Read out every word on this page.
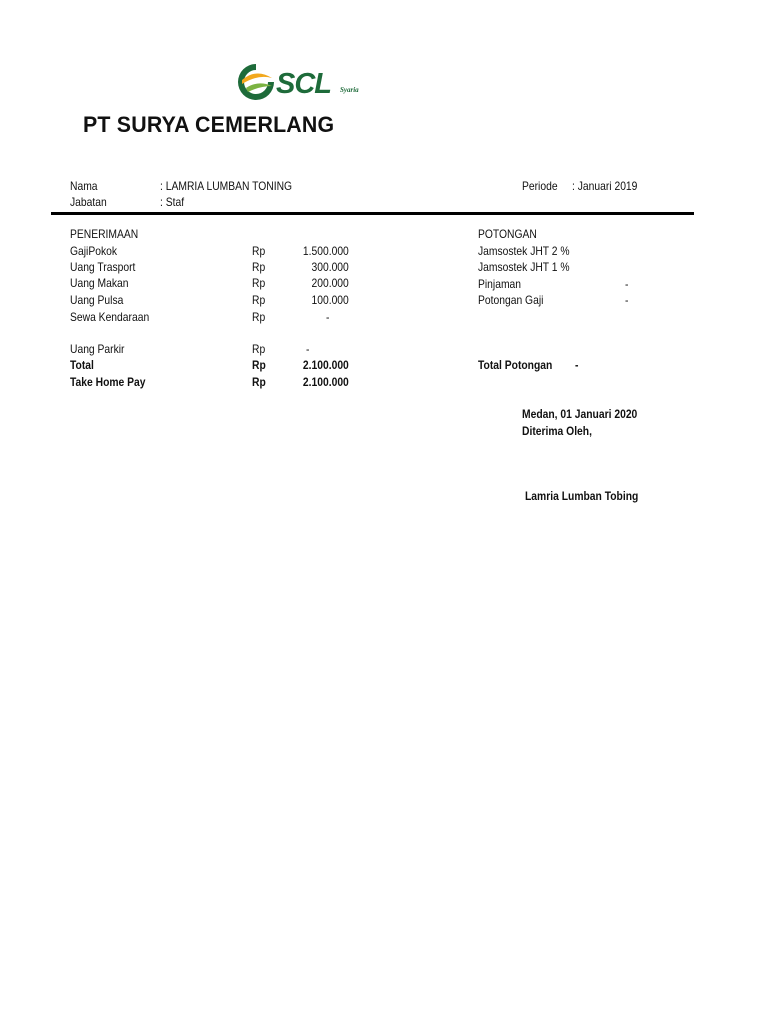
SCL Syaria
PT SURYA CEMERLANG
Nama	: LAMRIA LUMBAN TONING
Jabatan	: Staf
Periode : Januari 2019
PENERIMAAN
GajiPokok	Rp	1.500.000
Uang Trasport	Rp	300.000
Uang Makan	Rp	200.000
Uang Pulsa	Rp	100.000
Sewa Kendaraan	Rp	-
Uang Parkir	Rp	-
Total	Rp	2.100.000
Take Home Pay	Rp	2.100.000
POTONGAN
Jamsostek JHT 2 %
Jamsostek JHT 1 %
Pinjaman	-
Potongan Gaji	-
Total Potongan -
Medan, 01 Januari 2020
Diterima Oleh,
Lamria Lumban Tobing
